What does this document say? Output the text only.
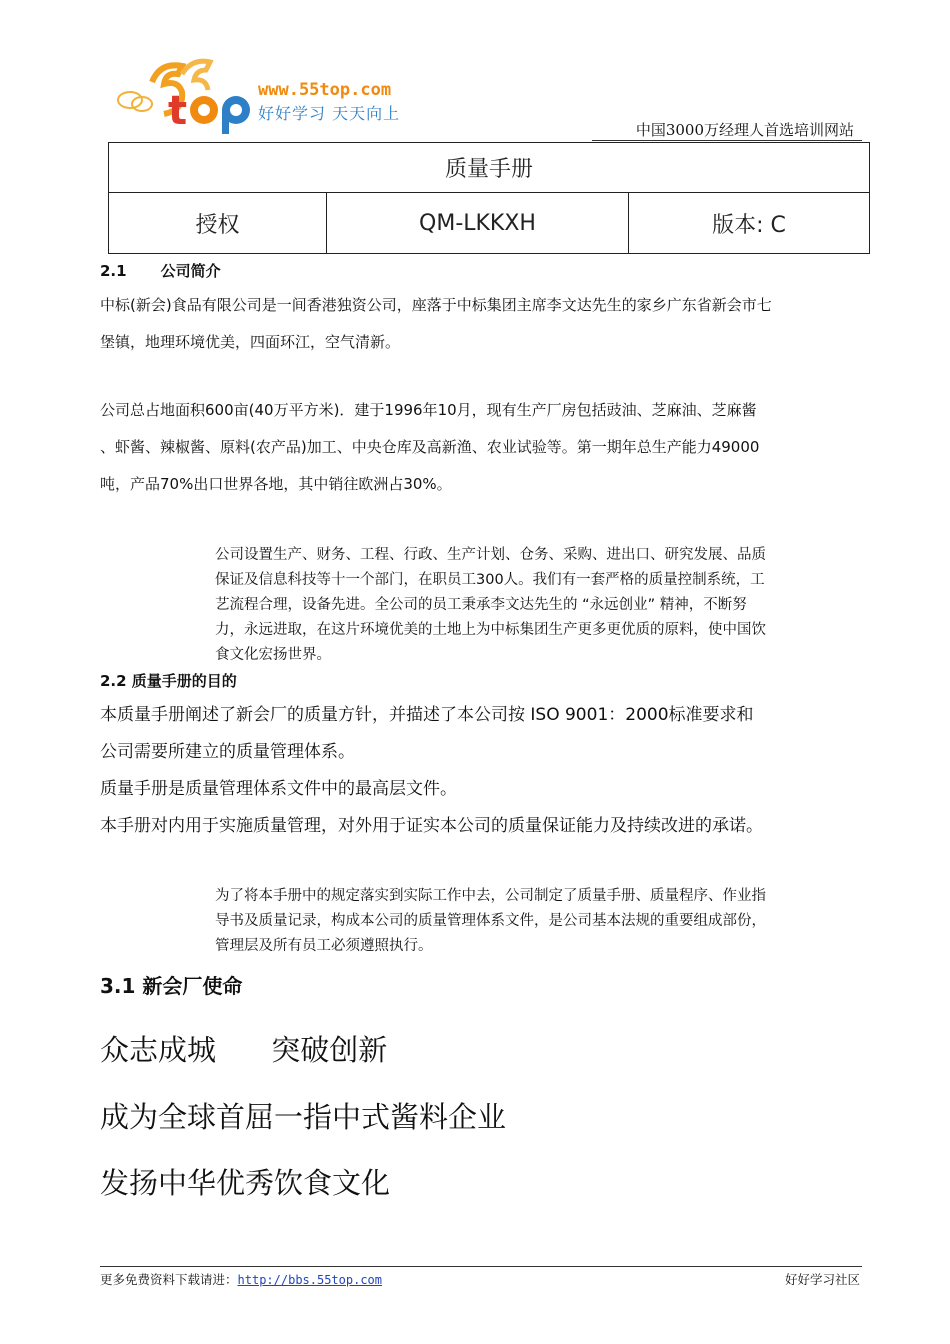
t	www.55top.com
好好学习 天天向上
中国3000万经理人首选培训网站
质量手册
授权	QM-LKKXH	版本: C
2.1 公司简介
中标(新会)食品有限公司是一间香港独资公司，座落于中标集团主席李文达先生的家乡广东省新会市七
堡镇，地理环境优美，四面环江，空气清新。
公司总占地面积600亩(40万平方米)．建于1996年10月，现有生产厂房包括豉油、芝麻油、芝麻酱
、虾酱、辣椒酱、原料(农产品)加工、中央仓库及高新渔、农业试验等。第一期年总生产能力49000
吨，产品70%出口世界各地，其中销往欧洲占30%。
公司设置生产、财务、工程、行政、生产计划、仓务、采购、进出口、研究发展、品质
保证及信息科技等十一个部门，在职员工300人。我们有一套严格的质量控制系统，工
艺流程合理，设备先进。全公司的员工秉承李文达先生的 “永远创业” 精神，不断努
力，永远进取，在这片环境优美的土地上为中标集团生产更多更优质的原料，使中国饮
食文化宏扬世界。
2.2 质量手册的目的
本质量手册阐述了新会厂的质量方针，并描述了本公司按 ISO 9001：2000标准要求和
公司需要所建立的质量管理体系。
质量手册是质量管理体系文件中的最高层文件。
本手册对内用于实施质量管理，对外用于证实本公司的质量保证能力及持续改进的承诺。
为了将本手册中的规定落实到实际工作中去，公司制定了质量手册、质量程序、作业指
导书及质量记录，构成本公司的质量管理体系文件，是公司基本法规的重要组成部份，
管理层及所有员工必须遵照执行。
3.1 新会厂使命
众志成城      突破创新
成为全球首屈一指中式酱料企业
发扬中华优秀饮食文化
更多免费资料下载请进：http://bbs.55top.com	好好学习社区
